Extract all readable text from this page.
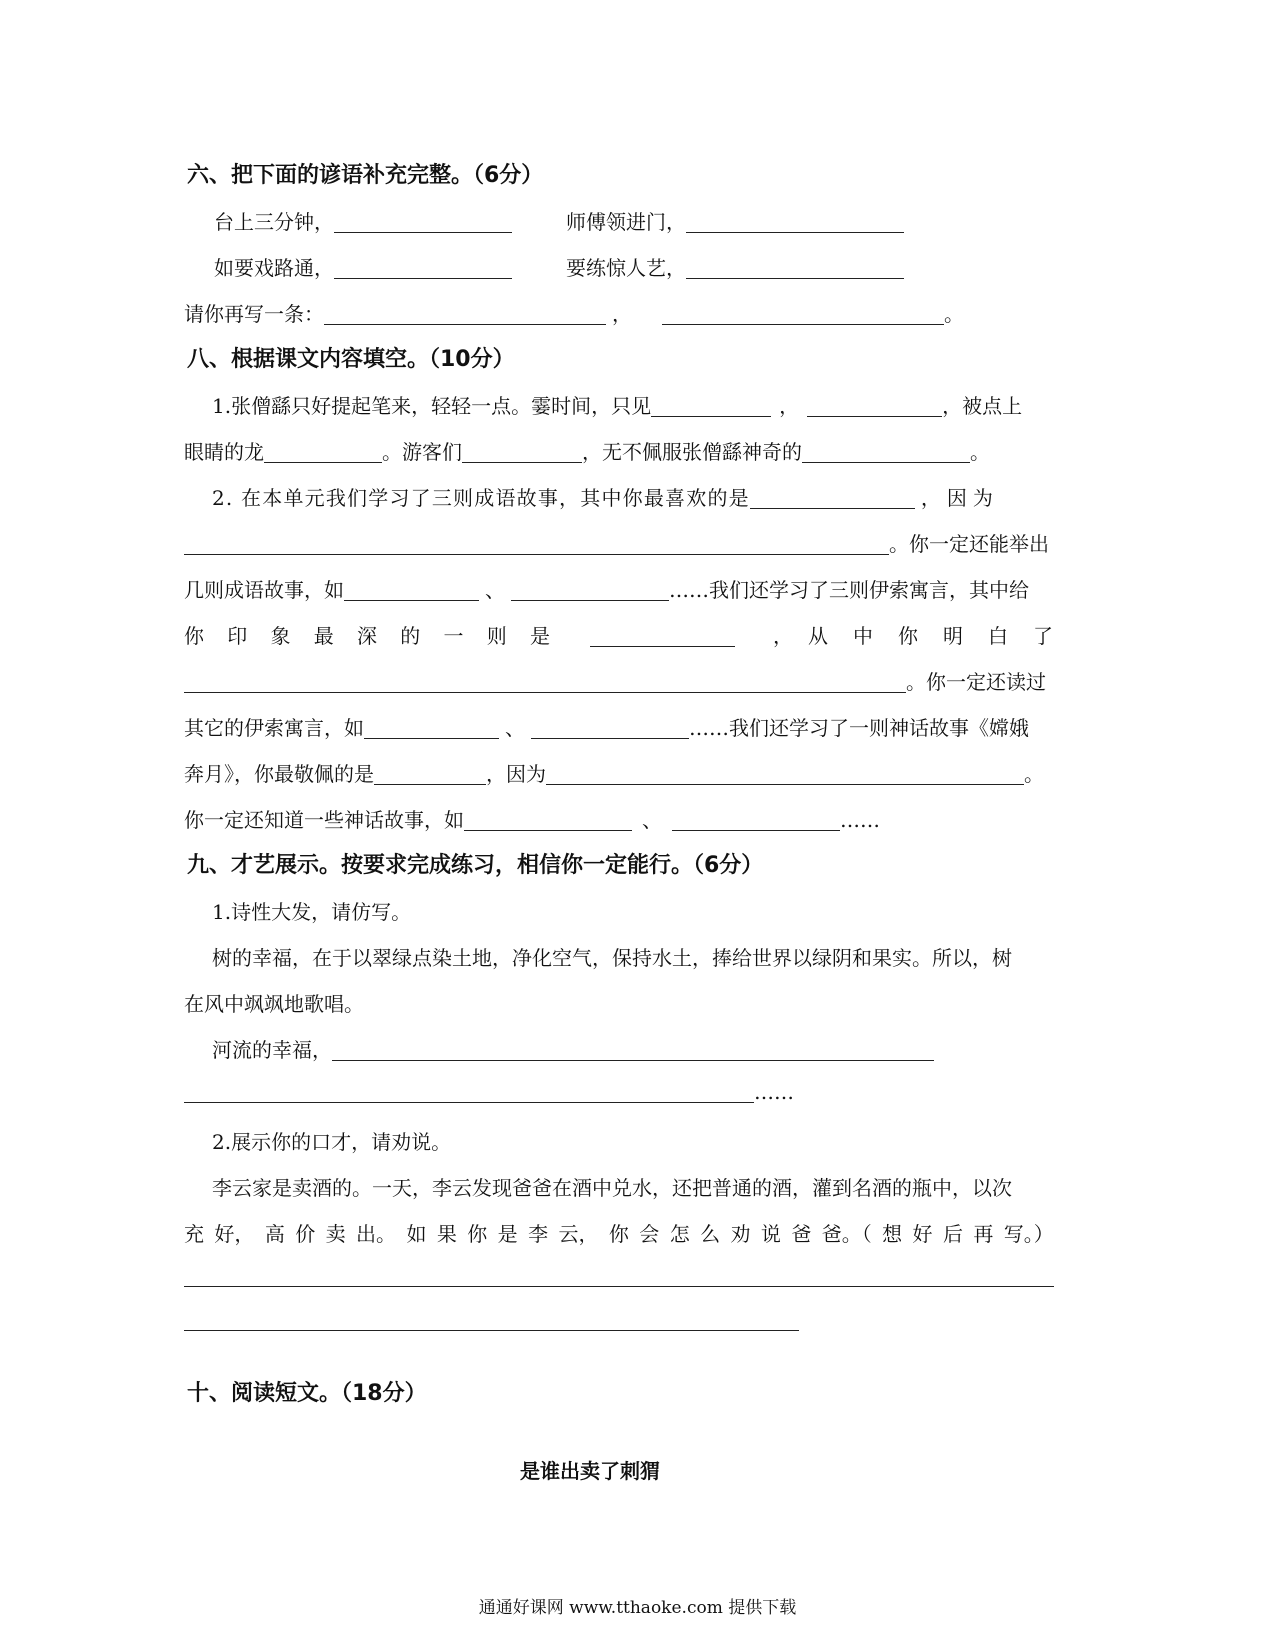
六、把下面的谚语补充完整。（6分）
台上三分钟，	师傅领进门，
如要戏路通，	要练惊人艺，
请你再写一条：	，	。
八、根据课文内容填空。（10分）
1.张僧繇只好提起笔来，轻轻一点。霎时间，只见	，	，被点上
眼睛的龙	。游客们	，无不佩服张僧繇神奇的	。
2. 在本单元我们学习了三则成语故事，其中你最喜欢的是	，因为
。你一定还能举出
几则成语故事，如	、	……我们还学习了三则伊索寓言，其中给
你 印 象 最 深 的 一 则 是	， 从 中 你 明 白 了
。你一定还读过
其它的伊索寓言，如	、	……我们还学习了一则神话故事《嫦娥
奔月》，你最敬佩的是	，因为	。
你一定还知道一些神话故事，如	、	……
九、才艺展示。按要求完成练习，相信你一定能行。（6分）
1.诗性大发，请仿写。
树的幸福，在于以翠绿点染土地，净化空气，保持水土，捧给世界以绿阴和果实。所以，树
在风中飒飒地歌唱。
河流的幸福，
……
2.展示你的口才，请劝说。
李云家是卖酒的。一天，李云发现爸爸在酒中兑水，还把普通的酒，灌到名酒的瓶中，以次
充 好， 高 价 卖 出。 如 果 你 是 李 云， 你 会 怎 么 劝 说 爸 爸。（ 想 好 后 再 写。）
十、阅读短文。（18分）
是谁出卖了刺猬
通通好课网 www.tthaoke.com 提供下载
